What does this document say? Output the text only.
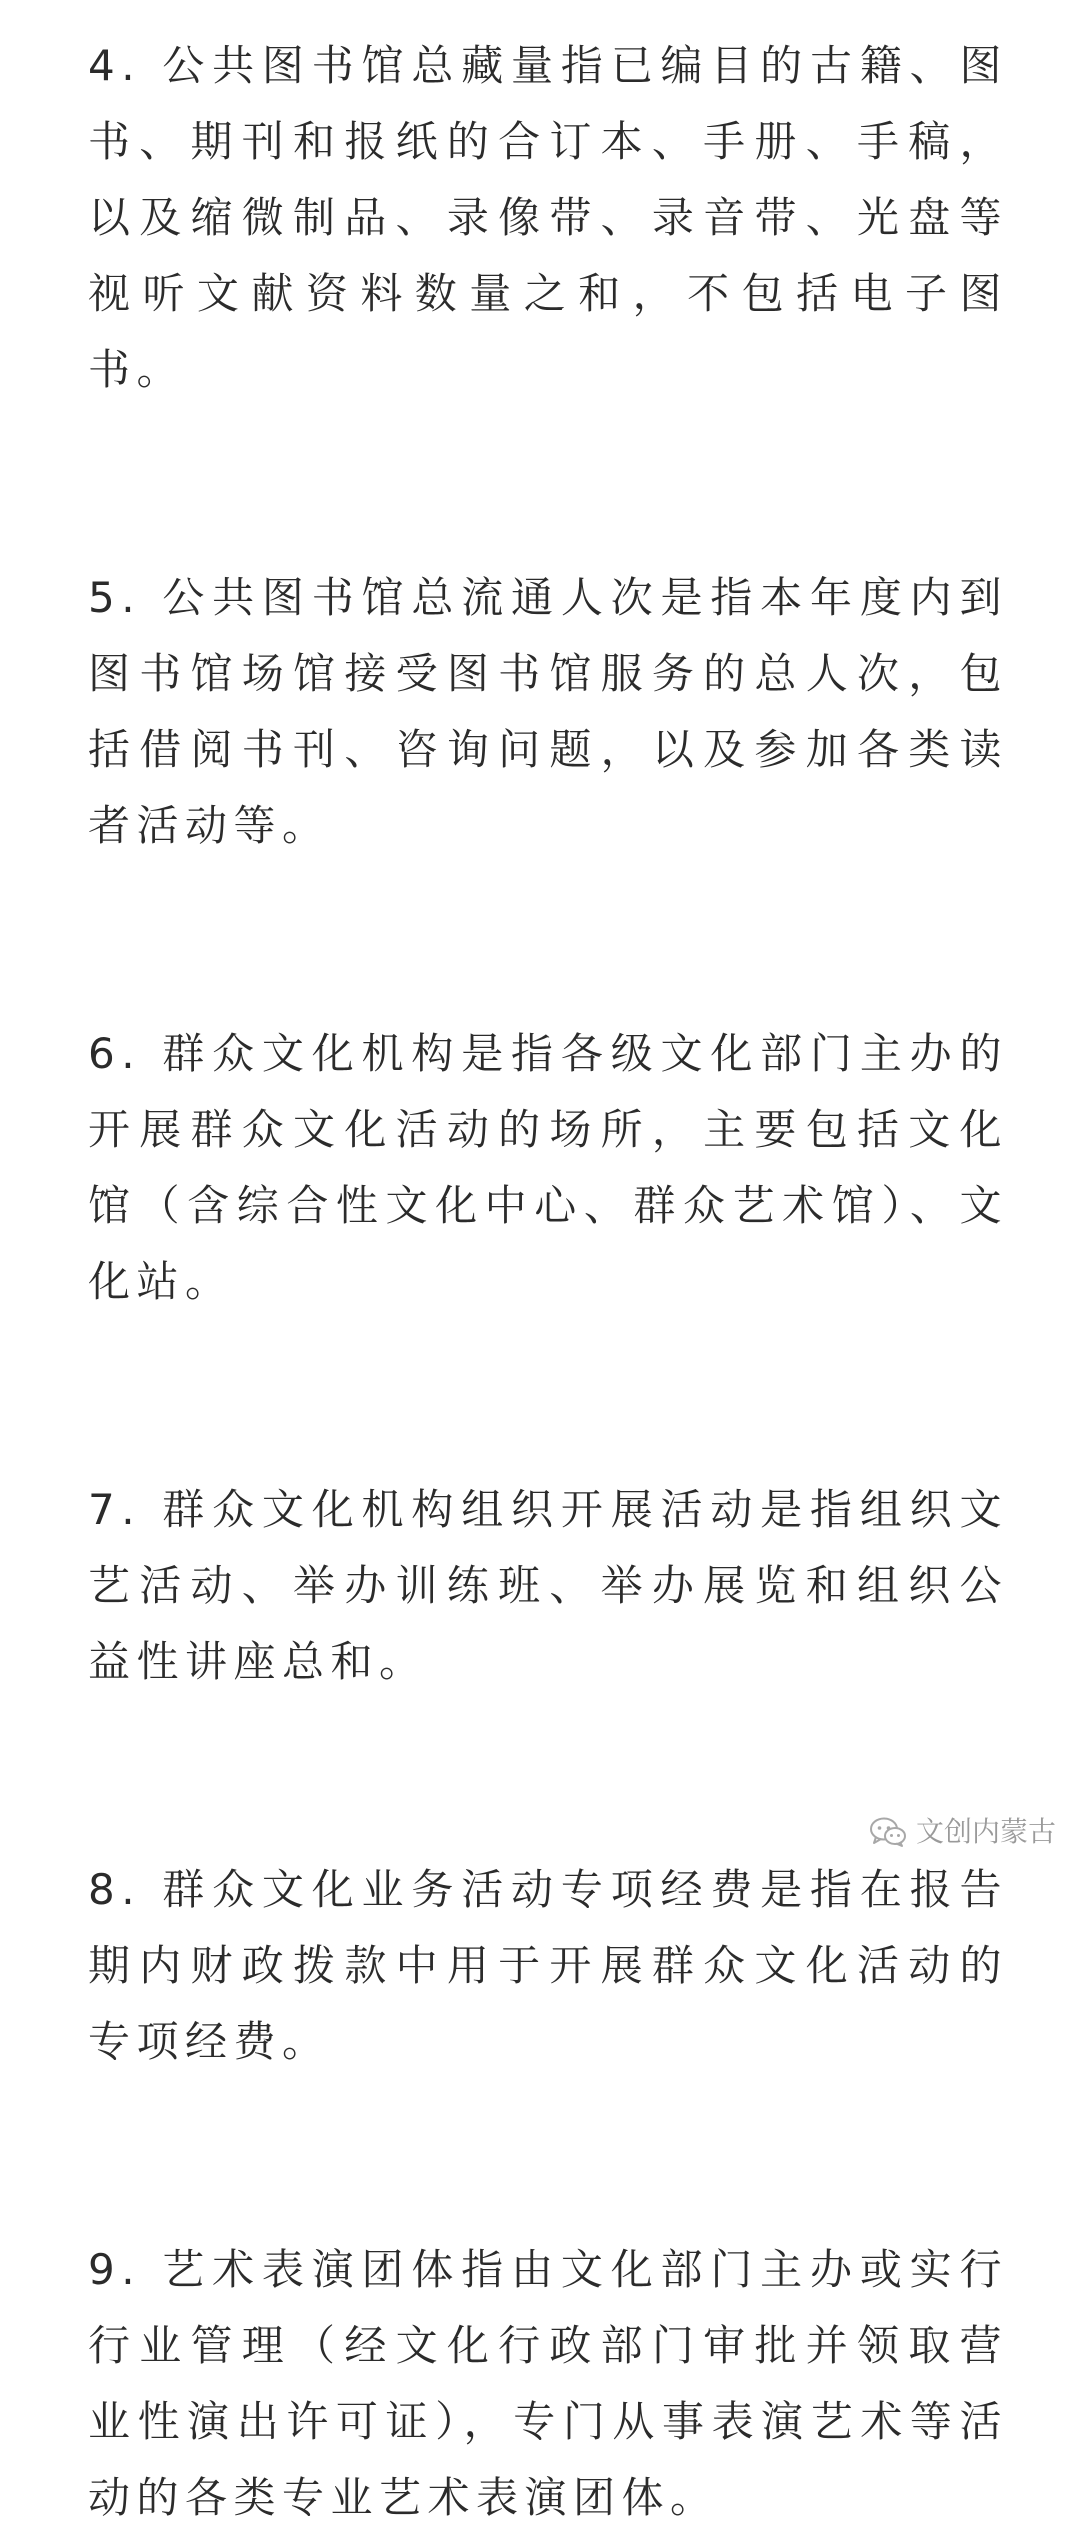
4. 公共图书馆总藏量指已编目的古籍、图书、期刊和报纸的合订本、手册、手稿，以及缩微制品、录像带、录音带、光盘等视听文献资料数量之和，不包括电子图书。

5. 公共图书馆总流通人次是指本年度内到图书馆场馆接受图书馆服务的总人次，包括借阅书刊、咨询问题，以及参加各类读者活动等。

6. 群众文化机构是指各级文化部门主办的开展群众文化活动的场所，主要包括文化馆（含综合性文化中心、群众艺术馆）、文化站。

7. 群众文化机构组织开展活动是指组织文艺活动、举办训练班、举办展览和组织公益性讲座总和。

8. 群众文化业务活动专项经费是指在报告期内财政拨款中用于开展群众文化活动的专项经费。

9. 艺术表演团体指由文化部门主办或实行行业管理（经文化行政部门审批并领取营业性演出许可证），专门从事表演艺术等活动的各类专业艺术表演团体。

文创内蒙古
